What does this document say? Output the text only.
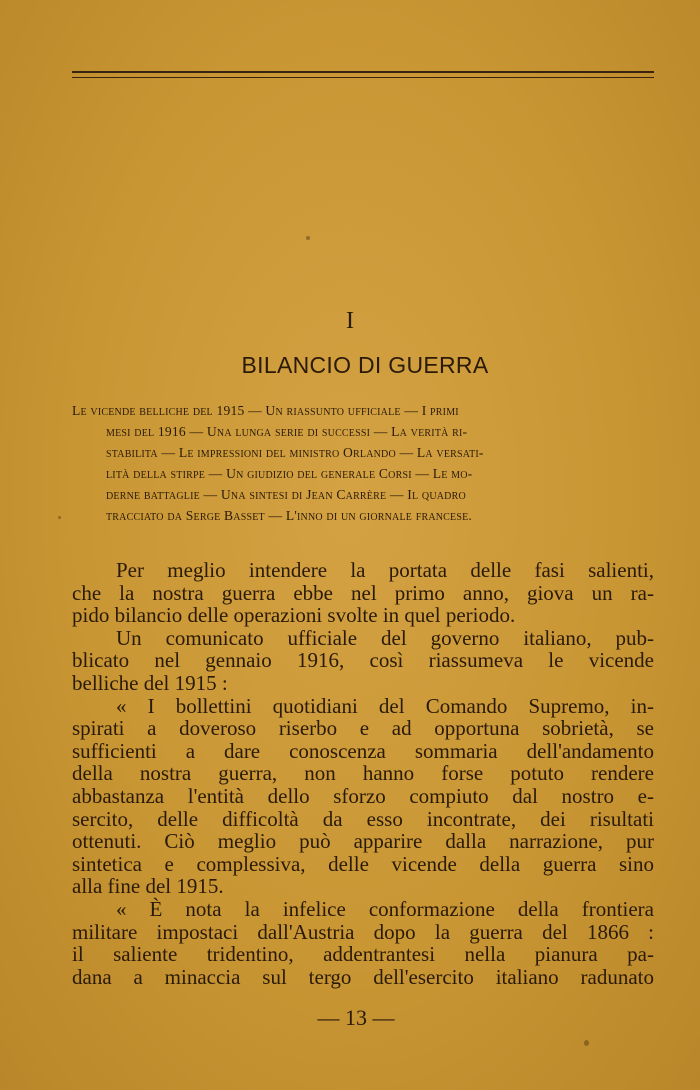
I
BILANCIO DI GUERRA
Le vicende belliche del 1915 — Un riassunto ufficiale — I primi
mesi del 1916 — Una lunga serie di successi — La verità ri-
stabilita — Le impressioni del ministro Orlando — La versati-
lità della stirpe — Un giudizio del generale Corsi — Le mo-
derne battaglie — Una sintesi di Jean Carrère — Il quadro
tracciato da Serge Basset — L'inno di un giornale francese.
Per meglio intendere la portata delle fasi salienti,
che la nostra guerra ebbe nel primo anno, giova un ra-
pido bilancio delle operazioni svolte in quel periodo.
Un comunicato ufficiale del governo italiano, pub-
blicato nel gennaio 1916, così riassumeva le vicende
belliche del 1915 :
« I bollettini quotidiani del Comando Supremo, in-
spirati a doveroso riserbo e ad opportuna sobrietà, se
sufficienti a dare conoscenza sommaria dell'andamento
della nostra guerra, non hanno forse potuto rendere
abbastanza l'entità dello sforzo compiuto dal nostro e-
sercito, delle difficoltà da esso incontrate, dei risultati
ottenuti. Ciò meglio può apparire dalla narrazione, pur
sintetica e complessiva, delle vicende della guerra sino
alla fine del 1915.
« È nota la infelice conformazione della frontiera
militare impostaci dall'Austria dopo la guerra del 1866 :
il saliente tridentino, addentrantesi nella pianura pa-
dana a minaccia sul tergo dell'esercito italiano radunato
— 13 —
